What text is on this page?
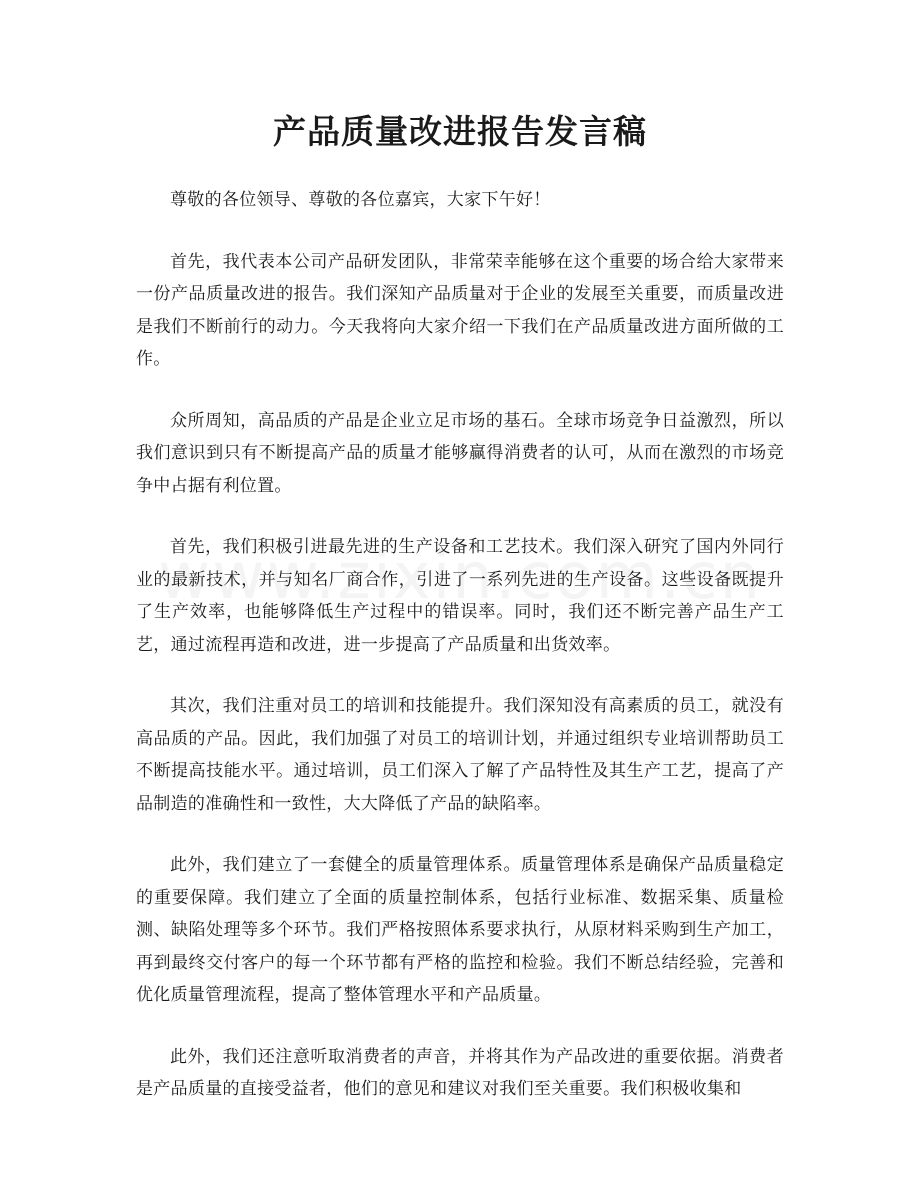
产品质量改进报告发言稿

尊敬的各位领导、尊敬的各位嘉宾，大家下午好！

首先，我代表本公司产品研发团队，非常荣幸能够在这个重要的场合给大家带来一份产品质量改进的报告。我们深知产品质量对于企业的发展至关重要，而质量改进是我们不断前行的动力。今天我将向大家介绍一下我们在产品质量改进方面所做的工作。

众所周知，高品质的产品是企业立足市场的基石。全球市场竞争日益激烈，所以我们意识到只有不断提高产品的质量才能够赢得消费者的认可，从而在激烈的市场竞争中占据有利位置。

首先，我们积极引进最先进的生产设备和工艺技术。我们深入研究了国内外同行业的最新技术，并与知名厂商合作，引进了一系列先进的生产设备。这些设备既提升了生产效率，也能够降低生产过程中的错误率。同时，我们还不断完善产品生产工艺，通过流程再造和改进，进一步提高了产品质量和出货效率。

其次，我们注重对员工的培训和技能提升。我们深知没有高素质的员工，就没有高品质的产品。因此，我们加强了对员工的培训计划，并通过组织专业培训帮助员工不断提高技能水平。通过培训，员工们深入了解了产品特性及其生产工艺，提高了产品制造的准确性和一致性，大大降低了产品的缺陷率。

此外，我们建立了一套健全的质量管理体系。质量管理体系是确保产品质量稳定的重要保障。我们建立了全面的质量控制体系，包括行业标准、数据采集、质量检测、缺陷处理等多个环节。我们严格按照体系要求执行，从原材料采购到生产加工，再到最终交付客户的每一个环节都有严格的监控和检验。我们不断总结经验，完善和优化质量管理流程，提高了整体管理水平和产品质量。

此外，我们还注意听取消费者的声音，并将其作为产品改进的重要依据。消费者是产品质量的直接受益者，他们的意见和建议对我们至关重要。我们积极收集和
